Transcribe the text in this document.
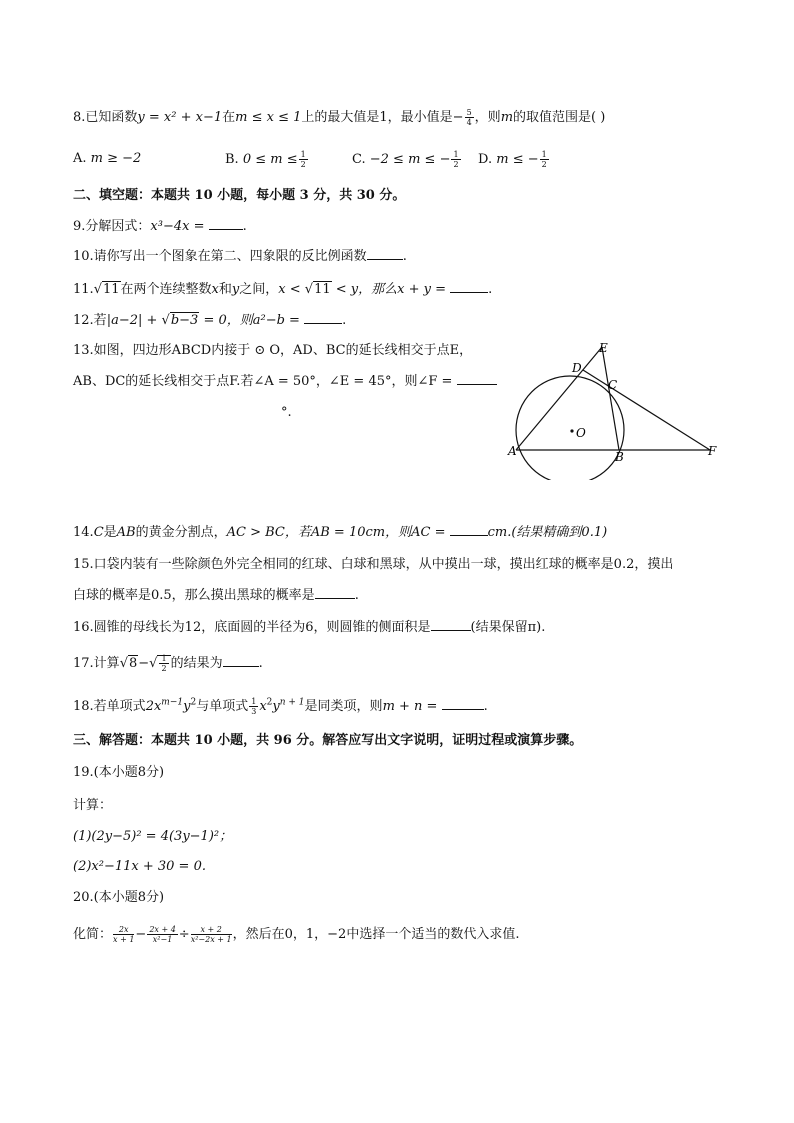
8.已知函数y = x² + x−1在m ≤ x ≤ 1上的最大值是1，最小值是− $\frac{5}{4}$ ，则m的取值范围是( )
A. m ≥ −2	B. $0 \le m \le \frac{1}{2}$	C. −2 ≤ m ≤ − $\frac{1}{2} D$. m ≤ − $\frac{1}{2}$
二、填空题：本题共 10 小题，每小题 3 分，共 30 分。
9.分解因式：x³−4x =	.
10.请你写出一个图象在第二、四象限的反比例函数	.
11.√11在两个连续整数x和y之间，x < √11 < y，那么x + y =	.
12.若|a−2| + √b−3 = 0，则a²−b =	.
13.如图，四边形ABCD内接于 ⊙ O，AD、BC的延长线相交于点E，
AB、DC的延长线相交于点F.若∠A = 50°，∠E = 45°，则∠F =
°.
E
D
C
O
A	B	F
14.C是AB的黄金分割点，AC > BC，若AB = 10cm，则AC =	cm.(结果精确到0.1)
15.口袋内装有一些除颜色外完全相同的红球、白球和黑球，从中摸出一球，摸出红球的概率是0.2，摸出
白球的概率是0.5，那么摸出黑球的概率是	.
16.圆锥的母线长为12，底面圆的半径为6，则圆锥的侧面积是	(结果保留π).
17.计算$√8-√ \frac{1}{2}$ 的结果为	.
18.若单项式$2x^{m-1}y^2$与单项式 $\frac{1}{3} x^2y^{n + 1}$是同类项，则m + n =	.
三、解答题：本题共 10 小题，共 96 分。解答应写出文字说明，证明过程或演算步骤。
19.(本小题8分)
计算：
(1)(2y−5)² = 4(3y−1)²；
(2)x²−11x + 30 = 0.
20.(本小题8分)
化简： $\frac{2x}{x + 1} - \frac{2x + 4}{\text{x²−1}} \div \frac{x + 2}{\text{x²−2x + 1}}$ ，然后在0，1，−2中选择一个适当的数代入求值.
